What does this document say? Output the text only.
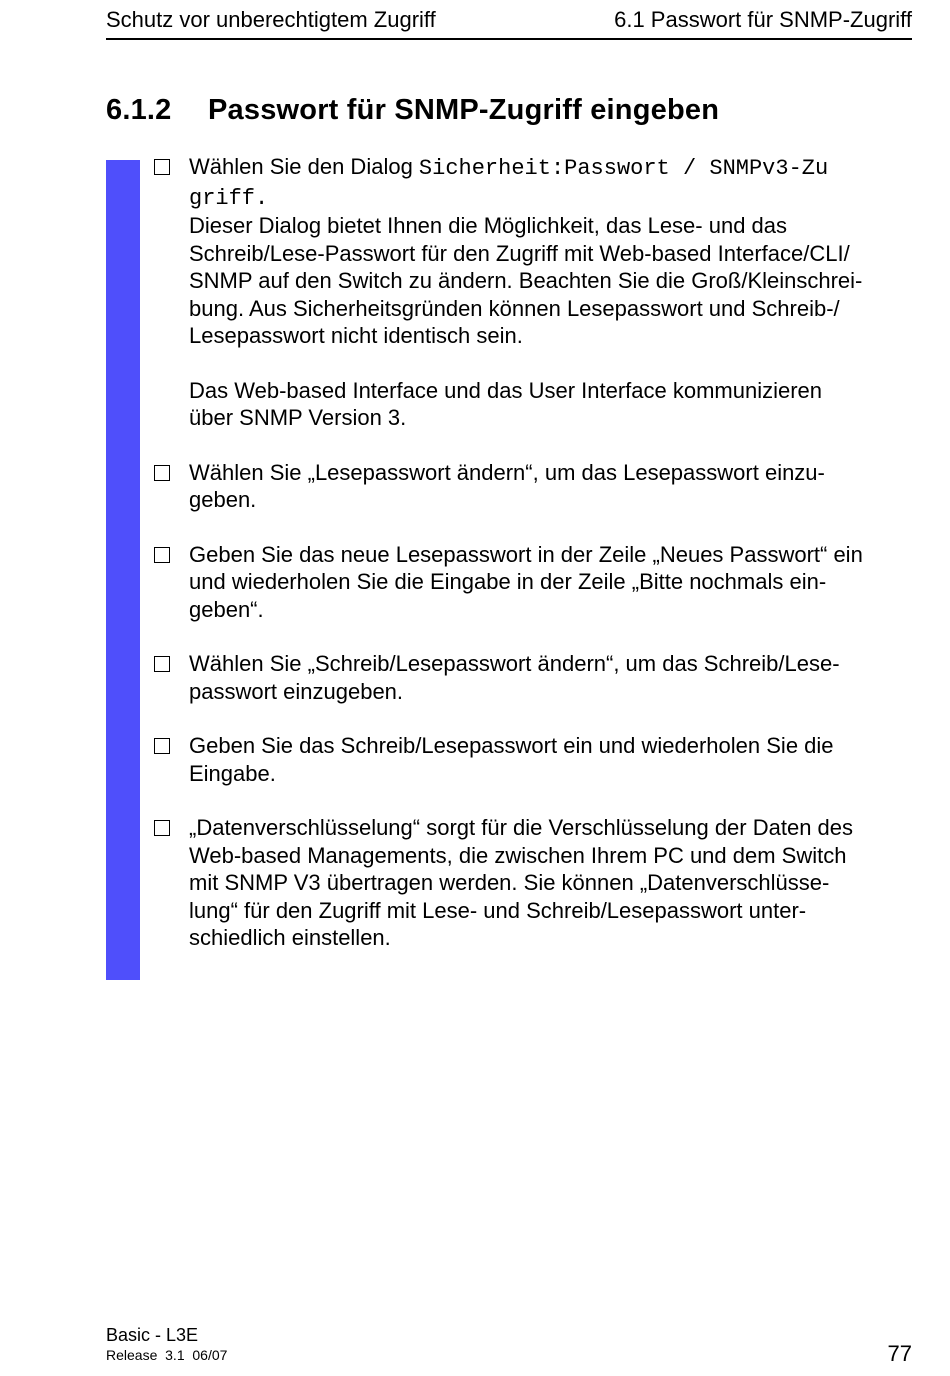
Schutz vor unberechtigtem Zugriff	6.1 Passwort für SNMP-Zugriff
6.1.2 Passwort für SNMP-Zugriff eingeben

Wählen Sie den Dialog Sicherheit:Passwort / SNMPv3-Zu
griff.
Dieser Dialog bietet Ihnen die Möglichkeit, das Lese- und das
Schreib/Lese-Passwort für den Zugriff mit Web-based Interface/CLI/
SNMP auf den Switch zu ändern. Beachten Sie die Groß/Kleinschrei-
bung. Aus Sicherheitsgründen können Lesepasswort und Schreib-/
Lesepasswort nicht identisch sein.

Das Web-based Interface und das User Interface kommunizieren
über SNMP Version 3.

Wählen Sie „Lesepasswort ändern“, um das Lesepasswort einzu-
geben.

Geben Sie das neue Lesepasswort in der Zeile „Neues Passwort“ ein
und wiederholen Sie die Eingabe in der Zeile „Bitte nochmals ein-
geben“.

Wählen Sie „Schreib/Lesepasswort ändern“, um das Schreib/Lese-
passwort einzugeben.

Geben Sie das Schreib/Lesepasswort ein und wiederholen Sie die
Eingabe.

„Datenverschlüsselung“ sorgt für die Verschlüsselung der Daten des
Web-based Managements, die zwischen Ihrem PC und dem Switch
mit SNMP V3 übertragen werden. Sie können „Datenverschlüsse-
lung“ für den Zugriff mit Lese- und Schreib/Lesepasswort unter-
schiedlich einstellen.

Basic - L3E
Release  3.1  06/07	77
